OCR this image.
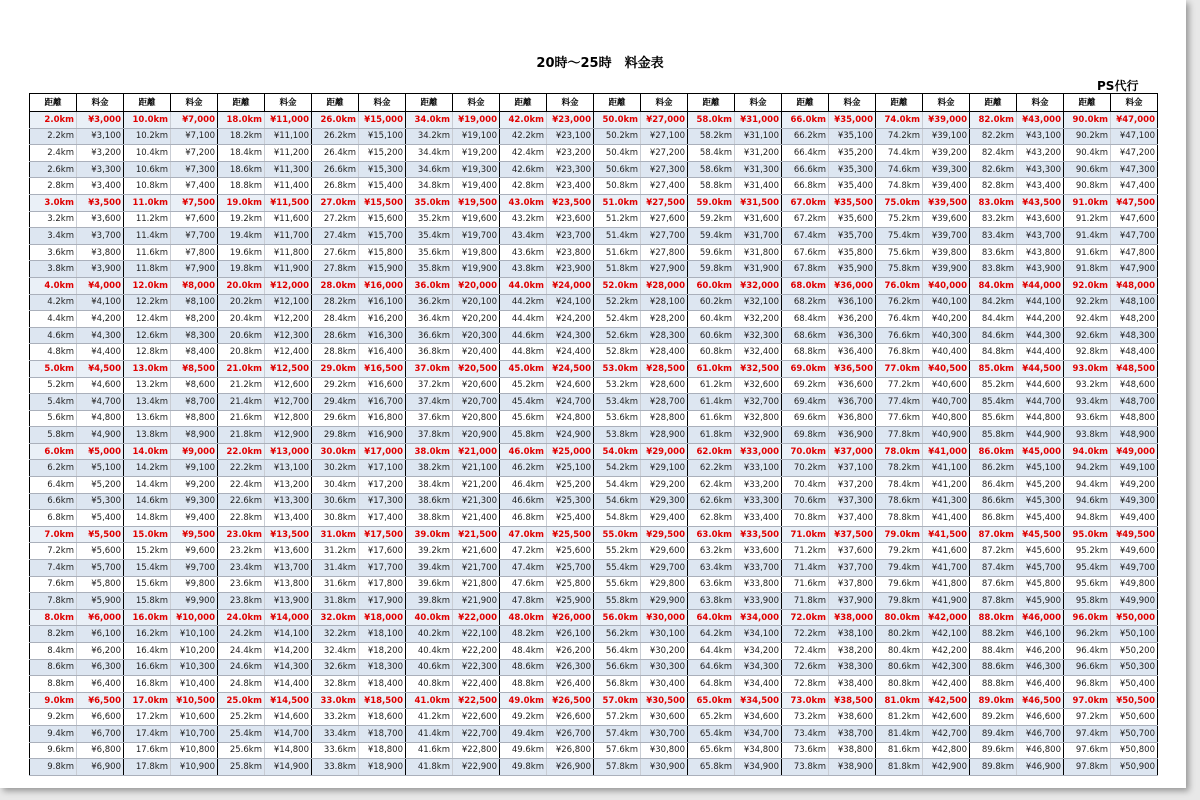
20時〜25時　料金表
PS代行
距離	料金	距離	料金	距離	料金	距離	料金	距離	料金	距離	料金	距離	料金	距離	料金	距離	料金	距離	料金	距離	料金	距離	料金
2.0km	¥3,000	10.0km	¥7,000	18.0km	¥11,000	26.0km	¥15,000	34.0km	¥19,000	42.0km	¥23,000	50.0km	¥27,000	58.0km	¥31,000	66.0km	¥35,000	74.0km	¥39,000	82.0km	¥43,000	90.0km	¥47,000
2.2km	¥3,100	10.2km	¥7,100	18.2km	¥11,100	26.2km	¥15,100	34.2km	¥19,100	42.2km	¥23,100	50.2km	¥27,100	58.2km	¥31,100	66.2km	¥35,100	74.2km	¥39,100	82.2km	¥43,100	90.2km	¥47,100
2.4km	¥3,200	10.4km	¥7,200	18.4km	¥11,200	26.4km	¥15,200	34.4km	¥19,200	42.4km	¥23,200	50.4km	¥27,200	58.4km	¥31,200	66.4km	¥35,200	74.4km	¥39,200	82.4km	¥43,200	90.4km	¥47,200
2.6km	¥3,300	10.6km	¥7,300	18.6km	¥11,300	26.6km	¥15,300	34.6km	¥19,300	42.6km	¥23,300	50.6km	¥27,300	58.6km	¥31,300	66.6km	¥35,300	74.6km	¥39,300	82.6km	¥43,300	90.6km	¥47,300
2.8km	¥3,400	10.8km	¥7,400	18.8km	¥11,400	26.8km	¥15,400	34.8km	¥19,400	42.8km	¥23,400	50.8km	¥27,400	58.8km	¥31,400	66.8km	¥35,400	74.8km	¥39,400	82.8km	¥43,400	90.8km	¥47,400
3.0km	¥3,500	11.0km	¥7,500	19.0km	¥11,500	27.0km	¥15,500	35.0km	¥19,500	43.0km	¥23,500	51.0km	¥27,500	59.0km	¥31,500	67.0km	¥35,500	75.0km	¥39,500	83.0km	¥43,500	91.0km	¥47,500
3.2km	¥3,600	11.2km	¥7,600	19.2km	¥11,600	27.2km	¥15,600	35.2km	¥19,600	43.2km	¥23,600	51.2km	¥27,600	59.2km	¥31,600	67.2km	¥35,600	75.2km	¥39,600	83.2km	¥43,600	91.2km	¥47,600
3.4km	¥3,700	11.4km	¥7,700	19.4km	¥11,700	27.4km	¥15,700	35.4km	¥19,700	43.4km	¥23,700	51.4km	¥27,700	59.4km	¥31,700	67.4km	¥35,700	75.4km	¥39,700	83.4km	¥43,700	91.4km	¥47,700
3.6km	¥3,800	11.6km	¥7,800	19.6km	¥11,800	27.6km	¥15,800	35.6km	¥19,800	43.6km	¥23,800	51.6km	¥27,800	59.6km	¥31,800	67.6km	¥35,800	75.6km	¥39,800	83.6km	¥43,800	91.6km	¥47,800
3.8km	¥3,900	11.8km	¥7,900	19.8km	¥11,900	27.8km	¥15,900	35.8km	¥19,900	43.8km	¥23,900	51.8km	¥27,900	59.8km	¥31,900	67.8km	¥35,900	75.8km	¥39,900	83.8km	¥43,900	91.8km	¥47,900
4.0km	¥4,000	12.0km	¥8,000	20.0km	¥12,000	28.0km	¥16,000	36.0km	¥20,000	44.0km	¥24,000	52.0km	¥28,000	60.0km	¥32,000	68.0km	¥36,000	76.0km	¥40,000	84.0km	¥44,000	92.0km	¥48,000
4.2km	¥4,100	12.2km	¥8,100	20.2km	¥12,100	28.2km	¥16,100	36.2km	¥20,100	44.2km	¥24,100	52.2km	¥28,100	60.2km	¥32,100	68.2km	¥36,100	76.2km	¥40,100	84.2km	¥44,100	92.2km	¥48,100
4.4km	¥4,200	12.4km	¥8,200	20.4km	¥12,200	28.4km	¥16,200	36.4km	¥20,200	44.4km	¥24,200	52.4km	¥28,200	60.4km	¥32,200	68.4km	¥36,200	76.4km	¥40,200	84.4km	¥44,200	92.4km	¥48,200
4.6km	¥4,300	12.6km	¥8,300	20.6km	¥12,300	28.6km	¥16,300	36.6km	¥20,300	44.6km	¥24,300	52.6km	¥28,300	60.6km	¥32,300	68.6km	¥36,300	76.6km	¥40,300	84.6km	¥44,300	92.6km	¥48,300
4.8km	¥4,400	12.8km	¥8,400	20.8km	¥12,400	28.8km	¥16,400	36.8km	¥20,400	44.8km	¥24,400	52.8km	¥28,400	60.8km	¥32,400	68.8km	¥36,400	76.8km	¥40,400	84.8km	¥44,400	92.8km	¥48,400
5.0km	¥4,500	13.0km	¥8,500	21.0km	¥12,500	29.0km	¥16,500	37.0km	¥20,500	45.0km	¥24,500	53.0km	¥28,500	61.0km	¥32,500	69.0km	¥36,500	77.0km	¥40,500	85.0km	¥44,500	93.0km	¥48,500
5.2km	¥4,600	13.2km	¥8,600	21.2km	¥12,600	29.2km	¥16,600	37.2km	¥20,600	45.2km	¥24,600	53.2km	¥28,600	61.2km	¥32,600	69.2km	¥36,600	77.2km	¥40,600	85.2km	¥44,600	93.2km	¥48,600
5.4km	¥4,700	13.4km	¥8,700	21.4km	¥12,700	29.4km	¥16,700	37.4km	¥20,700	45.4km	¥24,700	53.4km	¥28,700	61.4km	¥32,700	69.4km	¥36,700	77.4km	¥40,700	85.4km	¥44,700	93.4km	¥48,700
5.6km	¥4,800	13.6km	¥8,800	21.6km	¥12,800	29.6km	¥16,800	37.6km	¥20,800	45.6km	¥24,800	53.6km	¥28,800	61.6km	¥32,800	69.6km	¥36,800	77.6km	¥40,800	85.6km	¥44,800	93.6km	¥48,800
5.8km	¥4,900	13.8km	¥8,900	21.8km	¥12,900	29.8km	¥16,900	37.8km	¥20,900	45.8km	¥24,900	53.8km	¥28,900	61.8km	¥32,900	69.8km	¥36,900	77.8km	¥40,900	85.8km	¥44,900	93.8km	¥48,900
6.0km	¥5,000	14.0km	¥9,000	22.0km	¥13,000	30.0km	¥17,000	38.0km	¥21,000	46.0km	¥25,000	54.0km	¥29,000	62.0km	¥33,000	70.0km	¥37,000	78.0km	¥41,000	86.0km	¥45,000	94.0km	¥49,000
6.2km	¥5,100	14.2km	¥9,100	22.2km	¥13,100	30.2km	¥17,100	38.2km	¥21,100	46.2km	¥25,100	54.2km	¥29,100	62.2km	¥33,100	70.2km	¥37,100	78.2km	¥41,100	86.2km	¥45,100	94.2km	¥49,100
6.4km	¥5,200	14.4km	¥9,200	22.4km	¥13,200	30.4km	¥17,200	38.4km	¥21,200	46.4km	¥25,200	54.4km	¥29,200	62.4km	¥33,200	70.4km	¥37,200	78.4km	¥41,200	86.4km	¥45,200	94.4km	¥49,200
6.6km	¥5,300	14.6km	¥9,300	22.6km	¥13,300	30.6km	¥17,300	38.6km	¥21,300	46.6km	¥25,300	54.6km	¥29,300	62.6km	¥33,300	70.6km	¥37,300	78.6km	¥41,300	86.6km	¥45,300	94.6km	¥49,300
6.8km	¥5,400	14.8km	¥9,400	22.8km	¥13,400	30.8km	¥17,400	38.8km	¥21,400	46.8km	¥25,400	54.8km	¥29,400	62.8km	¥33,400	70.8km	¥37,400	78.8km	¥41,400	86.8km	¥45,400	94.8km	¥49,400
7.0km	¥5,500	15.0km	¥9,500	23.0km	¥13,500	31.0km	¥17,500	39.0km	¥21,500	47.0km	¥25,500	55.0km	¥29,500	63.0km	¥33,500	71.0km	¥37,500	79.0km	¥41,500	87.0km	¥45,500	95.0km	¥49,500
7.2km	¥5,600	15.2km	¥9,600	23.2km	¥13,600	31.2km	¥17,600	39.2km	¥21,600	47.2km	¥25,600	55.2km	¥29,600	63.2km	¥33,600	71.2km	¥37,600	79.2km	¥41,600	87.2km	¥45,600	95.2km	¥49,600
7.4km	¥5,700	15.4km	¥9,700	23.4km	¥13,700	31.4km	¥17,700	39.4km	¥21,700	47.4km	¥25,700	55.4km	¥29,700	63.4km	¥33,700	71.4km	¥37,700	79.4km	¥41,700	87.4km	¥45,700	95.4km	¥49,700
7.6km	¥5,800	15.6km	¥9,800	23.6km	¥13,800	31.6km	¥17,800	39.6km	¥21,800	47.6km	¥25,800	55.6km	¥29,800	63.6km	¥33,800	71.6km	¥37,800	79.6km	¥41,800	87.6km	¥45,800	95.6km	¥49,800
7.8km	¥5,900	15.8km	¥9,900	23.8km	¥13,900	31.8km	¥17,900	39.8km	¥21,900	47.8km	¥25,900	55.8km	¥29,900	63.8km	¥33,900	71.8km	¥37,900	79.8km	¥41,900	87.8km	¥45,900	95.8km	¥49,900
8.0km	¥6,000	16.0km	¥10,000	24.0km	¥14,000	32.0km	¥18,000	40.0km	¥22,000	48.0km	¥26,000	56.0km	¥30,000	64.0km	¥34,000	72.0km	¥38,000	80.0km	¥42,000	88.0km	¥46,000	96.0km	¥50,000
8.2km	¥6,100	16.2km	¥10,100	24.2km	¥14,100	32.2km	¥18,100	40.2km	¥22,100	48.2km	¥26,100	56.2km	¥30,100	64.2km	¥34,100	72.2km	¥38,100	80.2km	¥42,100	88.2km	¥46,100	96.2km	¥50,100
8.4km	¥6,200	16.4km	¥10,200	24.4km	¥14,200	32.4km	¥18,200	40.4km	¥22,200	48.4km	¥26,200	56.4km	¥30,200	64.4km	¥34,200	72.4km	¥38,200	80.4km	¥42,200	88.4km	¥46,200	96.4km	¥50,200
8.6km	¥6,300	16.6km	¥10,300	24.6km	¥14,300	32.6km	¥18,300	40.6km	¥22,300	48.6km	¥26,300	56.6km	¥30,300	64.6km	¥34,300	72.6km	¥38,300	80.6km	¥42,300	88.6km	¥46,300	96.6km	¥50,300
8.8km	¥6,400	16.8km	¥10,400	24.8km	¥14,400	32.8km	¥18,400	40.8km	¥22,400	48.8km	¥26,400	56.8km	¥30,400	64.8km	¥34,400	72.8km	¥38,400	80.8km	¥42,400	88.8km	¥46,400	96.8km	¥50,400
9.0km	¥6,500	17.0km	¥10,500	25.0km	¥14,500	33.0km	¥18,500	41.0km	¥22,500	49.0km	¥26,500	57.0km	¥30,500	65.0km	¥34,500	73.0km	¥38,500	81.0km	¥42,500	89.0km	¥46,500	97.0km	¥50,500
9.2km	¥6,600	17.2km	¥10,600	25.2km	¥14,600	33.2km	¥18,600	41.2km	¥22,600	49.2km	¥26,600	57.2km	¥30,600	65.2km	¥34,600	73.2km	¥38,600	81.2km	¥42,600	89.2km	¥46,600	97.2km	¥50,600
9.4km	¥6,700	17.4km	¥10,700	25.4km	¥14,700	33.4km	¥18,700	41.4km	¥22,700	49.4km	¥26,700	57.4km	¥30,700	65.4km	¥34,700	73.4km	¥38,700	81.4km	¥42,700	89.4km	¥46,700	97.4km	¥50,700
9.6km	¥6,800	17.6km	¥10,800	25.6km	¥14,800	33.6km	¥18,800	41.6km	¥22,800	49.6km	¥26,800	57.6km	¥30,800	65.6km	¥34,800	73.6km	¥38,800	81.6km	¥42,800	89.6km	¥46,800	97.6km	¥50,800
9.8km	¥6,900	17.8km	¥10,900	25.8km	¥14,900	33.8km	¥18,900	41.8km	¥22,900	49.8km	¥26,900	57.8km	¥30,900	65.8km	¥34,900	73.8km	¥38,900	81.8km	¥42,900	89.8km	¥46,900	97.8km	¥50,900
